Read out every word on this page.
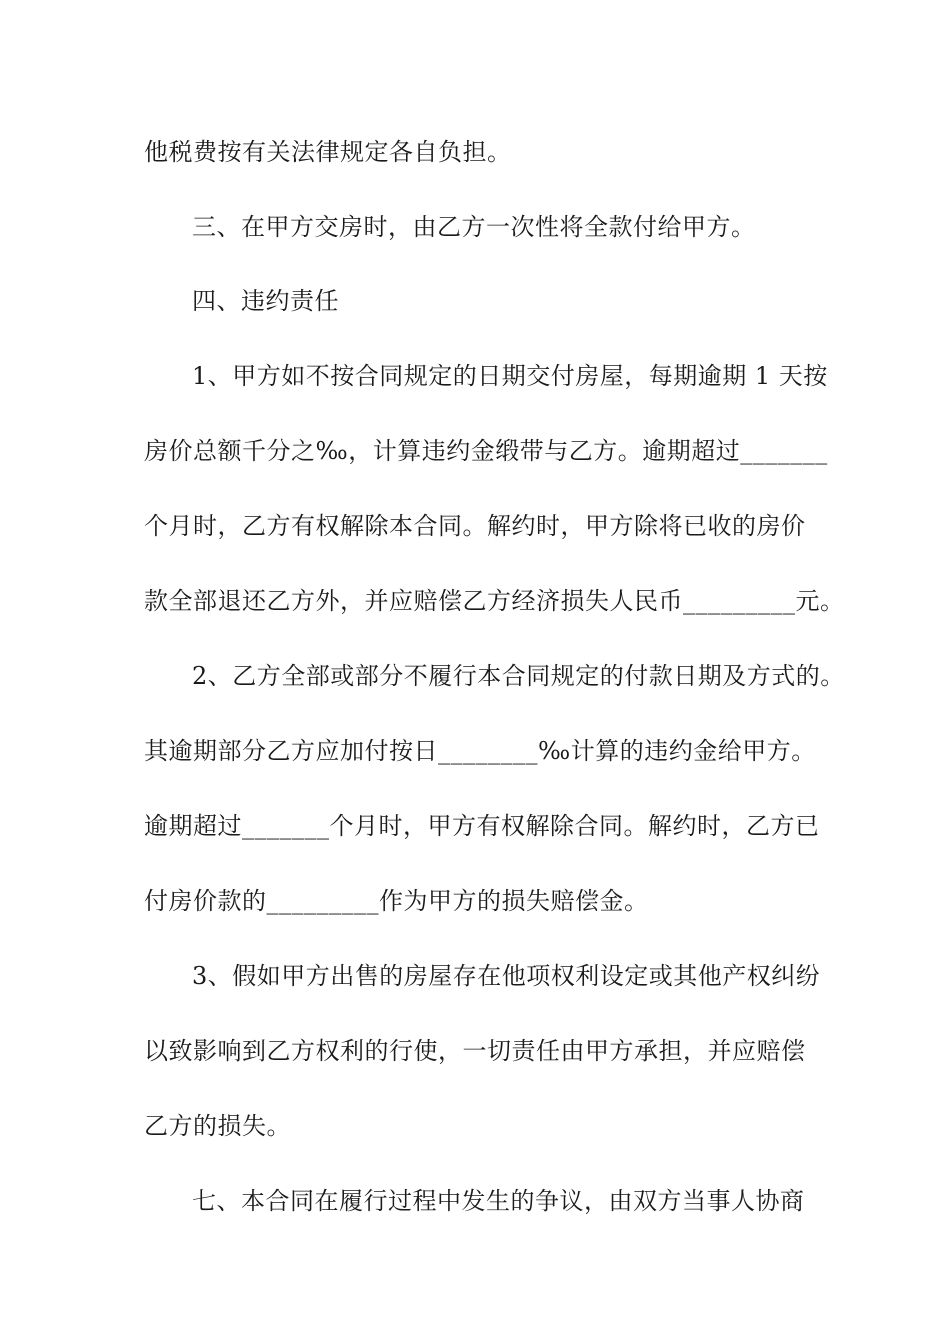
他税费按有关法律规定各自负担。
三、在甲方交房时，由乙方一次性将全款付给甲方。
四、违约责任
1、甲方如不按合同规定的日期交付房屋，每期逾期 1 天按
房价总额千分之‰，计算违约金缎带与乙方。逾期超过_______
个月时，乙方有权解除本合同。解约时，甲方除将已收的房价
款全部退还乙方外，并应赔偿乙方经济损失人民币_________元。
2、乙方全部或部分不履行本合同规定的付款日期及方式的。
其逾期部分乙方应加付按日________‰计算的违约金给甲方。
逾期超过_______个月时，甲方有权解除合同。解约时，乙方已
付房价款的_________作为甲方的损失赔偿金。
3、假如甲方出售的房屋存在他项权利设定或其他产权纠纷
以致影响到乙方权利的行使，一切责任由甲方承担，并应赔偿
乙方的损失。
七、本合同在履行过程中发生的争议，由双方当事人协商
